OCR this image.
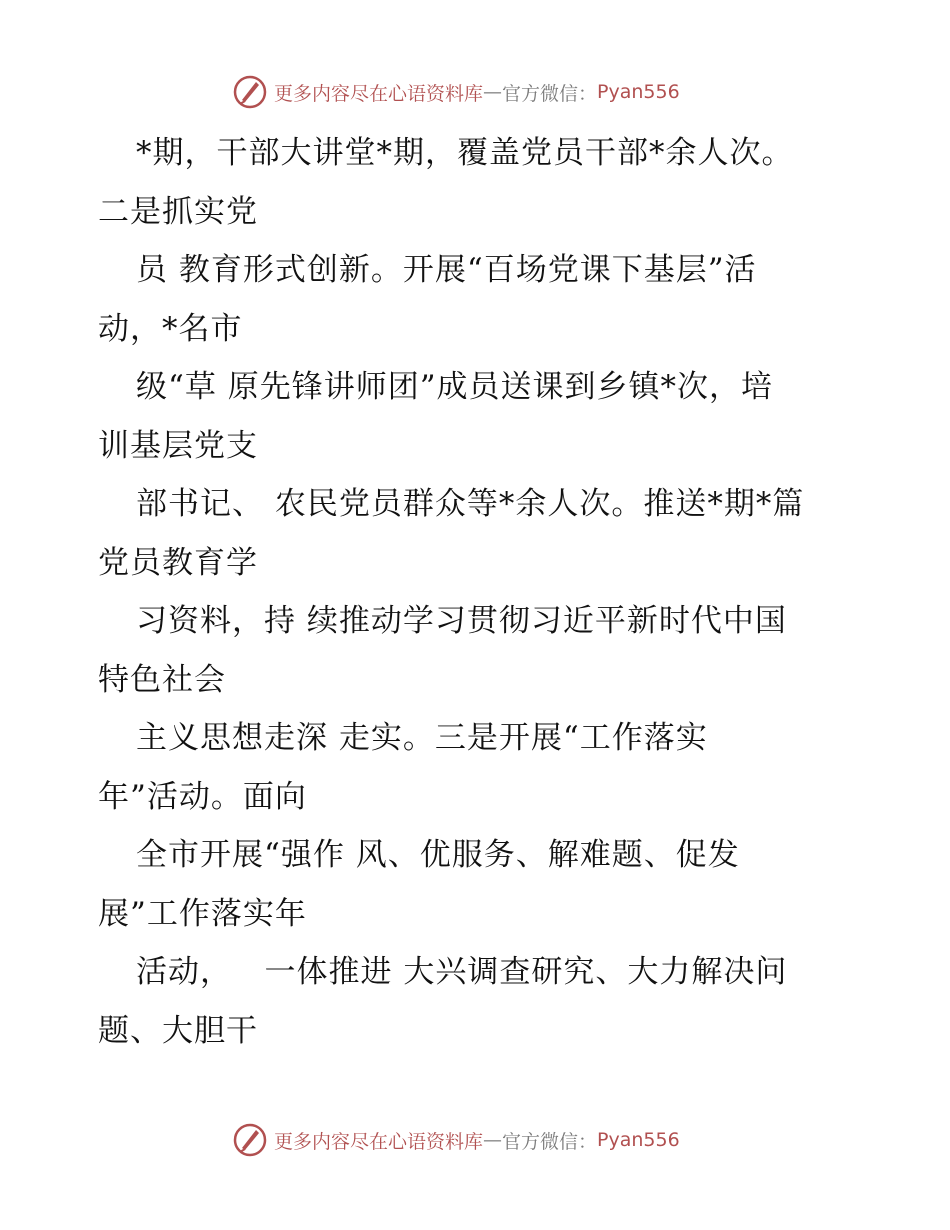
更多内容尽在心语资料库 — 官方微信： Pyan556
*期，干部大讲堂*期，覆盖党员干部*余人次。
二是抓实党
员 教育形式创新。开展“百场党课下基层”活
动，*名市
级“草 原先锋讲师团”成员送课到乡镇*次，培
训基层党支
部书记、 农民党员群众等*余人次。推送*期*篇
党员教育学
习资料，持 续推动学习贯彻习近平新时代中国
特色社会
主义思想走深 走实。三是开展“工作落实
年”活动。面向
全市开展“强作 风、优服务、解难题、促发
展”工作落实年
活动，   一体推进 大兴调查研究、大力解决问
题、大胆干
更多内容尽在心语资料库 — 官方微信： Pyan556
